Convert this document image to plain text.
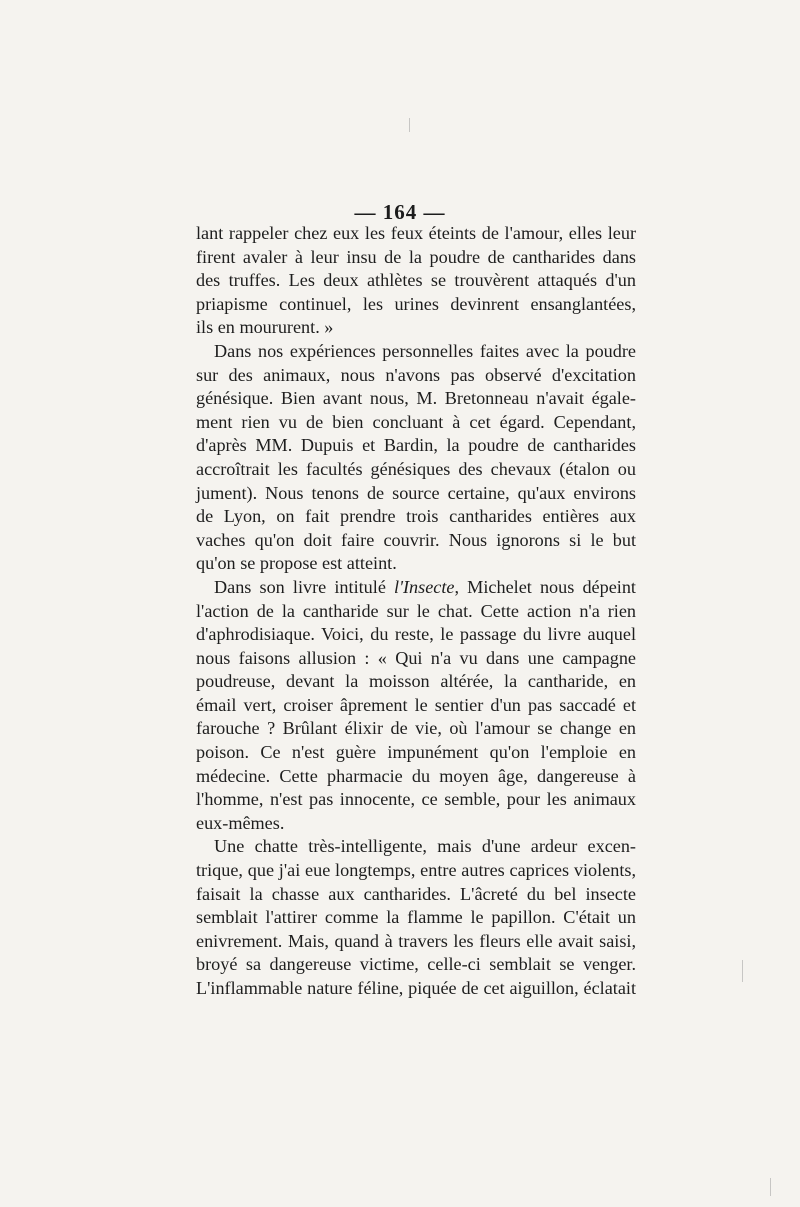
— 164 —
lant rappeler chez eux les feux éteints de l'amour, elles leur
firent avaler à leur insu de la poudre de cantharides dans
des truffes. Les deux athlètes se trouvèrent attaqués d'un
priapisme continuel, les urines devinrent ensanglantées,
ils en moururent. »
Dans nos expériences personnelles faites avec la poudre
sur des animaux, nous n'avons pas observé d'excitation
génésique. Bien avant nous, M. Bretonneau n'avait égale-
ment rien vu de bien concluant à cet égard. Cependant,
d'après MM. Dupuis et Bardin, la poudre de cantharides
accroîtrait les facultés génésiques des chevaux (étalon ou
jument). Nous tenons de source certaine, qu'aux environs
de Lyon, on fait prendre trois cantharides entières aux
vaches qu'on doit faire couvrir. Nous ignorons si le but
qu'on se propose est atteint.
Dans son livre intitulé l'Insecte, Michelet nous dépeint
l'action de la cantharide sur le chat. Cette action n'a rien
d'aphrodisiaque. Voici, du reste, le passage du livre auquel
nous faisons allusion : « Qui n'a vu dans une campagne
poudreuse, devant la moisson altérée, la cantharide, en
émail vert, croiser âprement le sentier d'un pas saccadé et
farouche ? Brûlant élixir de vie, où l'amour se change en
poison. Ce n'est guère impunément qu'on l'emploie en
médecine. Cette pharmacie du moyen âge, dangereuse à
l'homme, n'est pas innocente, ce semble, pour les animaux
eux-mêmes.
Une chatte très-intelligente, mais d'une ardeur excen-
trique, que j'ai eue longtemps, entre autres caprices violents,
faisait la chasse aux cantharides. L'âcreté du bel insecte
semblait l'attirer comme la flamme le papillon. C'était un
enivrement. Mais, quand à travers les fleurs elle avait saisi,
broyé sa dangereuse victime, celle-ci semblait se venger.
L'inflammable nature féline, piquée de cet aiguillon, éclatait
